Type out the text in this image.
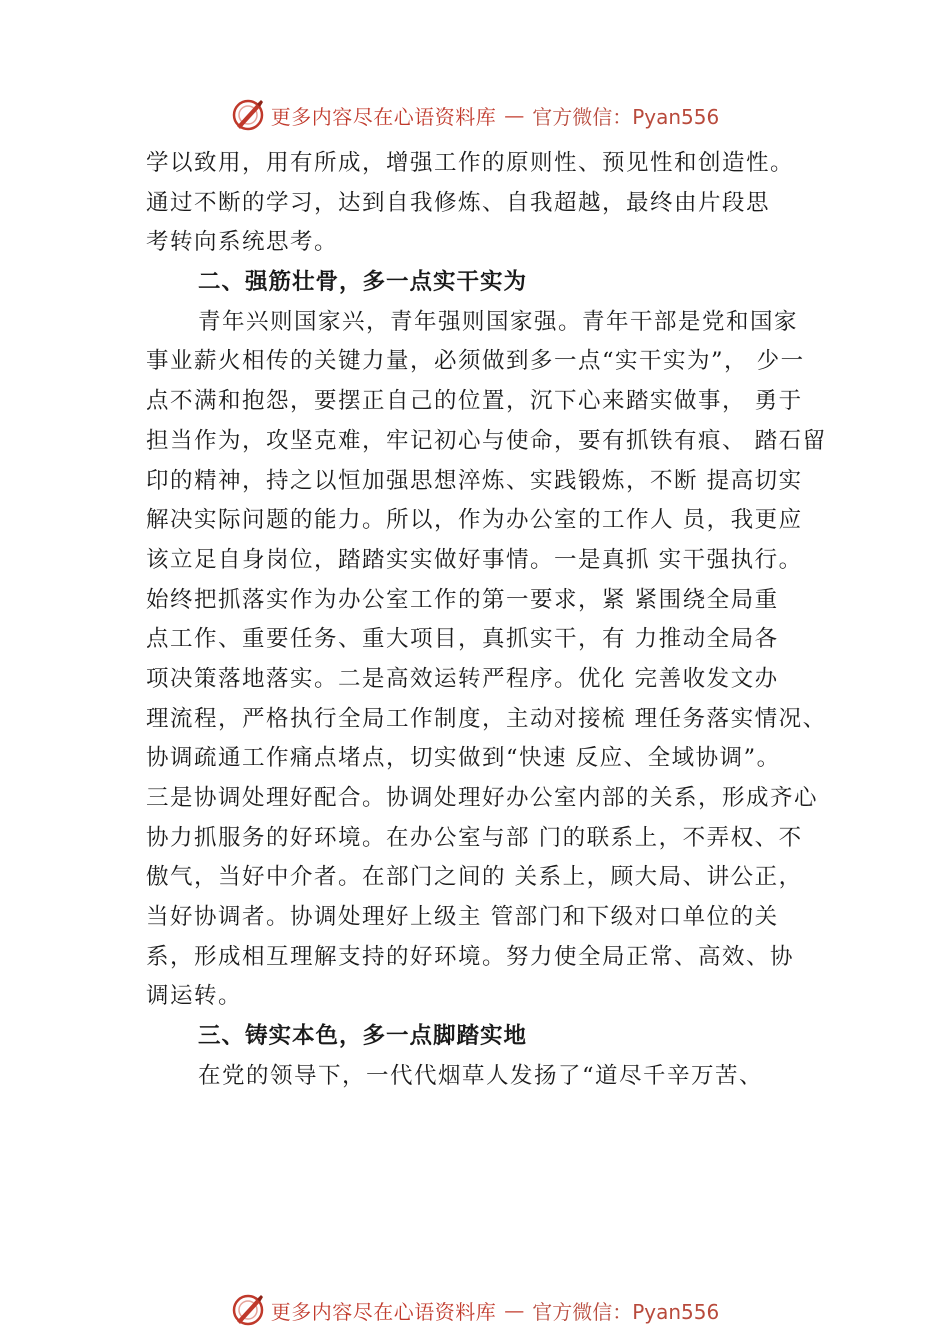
更多内容尽在心语资料库 — 官方微信：Pyan556
学以致用，用有所成，增强工作的原则性、预见性和创造性。
通过不断的学习，达到自我修炼、自我超越，最终由片段思
考转向系统思考。
二、强筋壮骨，多一点实干实为
青年兴则国家兴，青年强则国家强。青年干部是党和国家
事业薪火相传的关键力量，必须做到多一点“实干实为”， 少一
点不满和抱怨，要摆正自己的位置，沉下心来踏实做事， 勇于
担当作为，攻坚克难，牢记初心与使命，要有抓铁有痕、 踏石留
印的精神，持之以恒加强思想淬炼、实践锻炼，不断 提高切实
解决实际问题的能力。所以，作为办公室的工作人 员，我更应
该立足自身岗位，踏踏实实做好事情。一是真抓 实干强执行。
始终把抓落实作为办公室工作的第一要求，紧 紧围绕全局重
点工作、重要任务、重大项目，真抓实干，有 力推动全局各
项决策落地落实。二是高效运转严程序。优化 完善收发文办
理流程，严格执行全局工作制度，主动对接梳 理任务落实情况、
协调疏通工作痛点堵点，切实做到“快速 反应、全域协调”。
三是协调处理好配合。协调处理好办公室内部的关系，形成齐心
协力抓服务的好环境。在办公室与部 门的联系上，不弄权、不
傲气，当好中介者。在部门之间的 关系上，顾大局、讲公正，
当好协调者。协调处理好上级主 管部门和下级对口单位的关
系，形成相互理解支持的好环境。努力使全局正常、高效、协
调运转。
三、铸实本色，多一点脚踏实地
在党的领导下，一代代烟草人发扬了“道尽千辛万苦、
更多内容尽在心语资料库 — 官方微信：Pyan556
